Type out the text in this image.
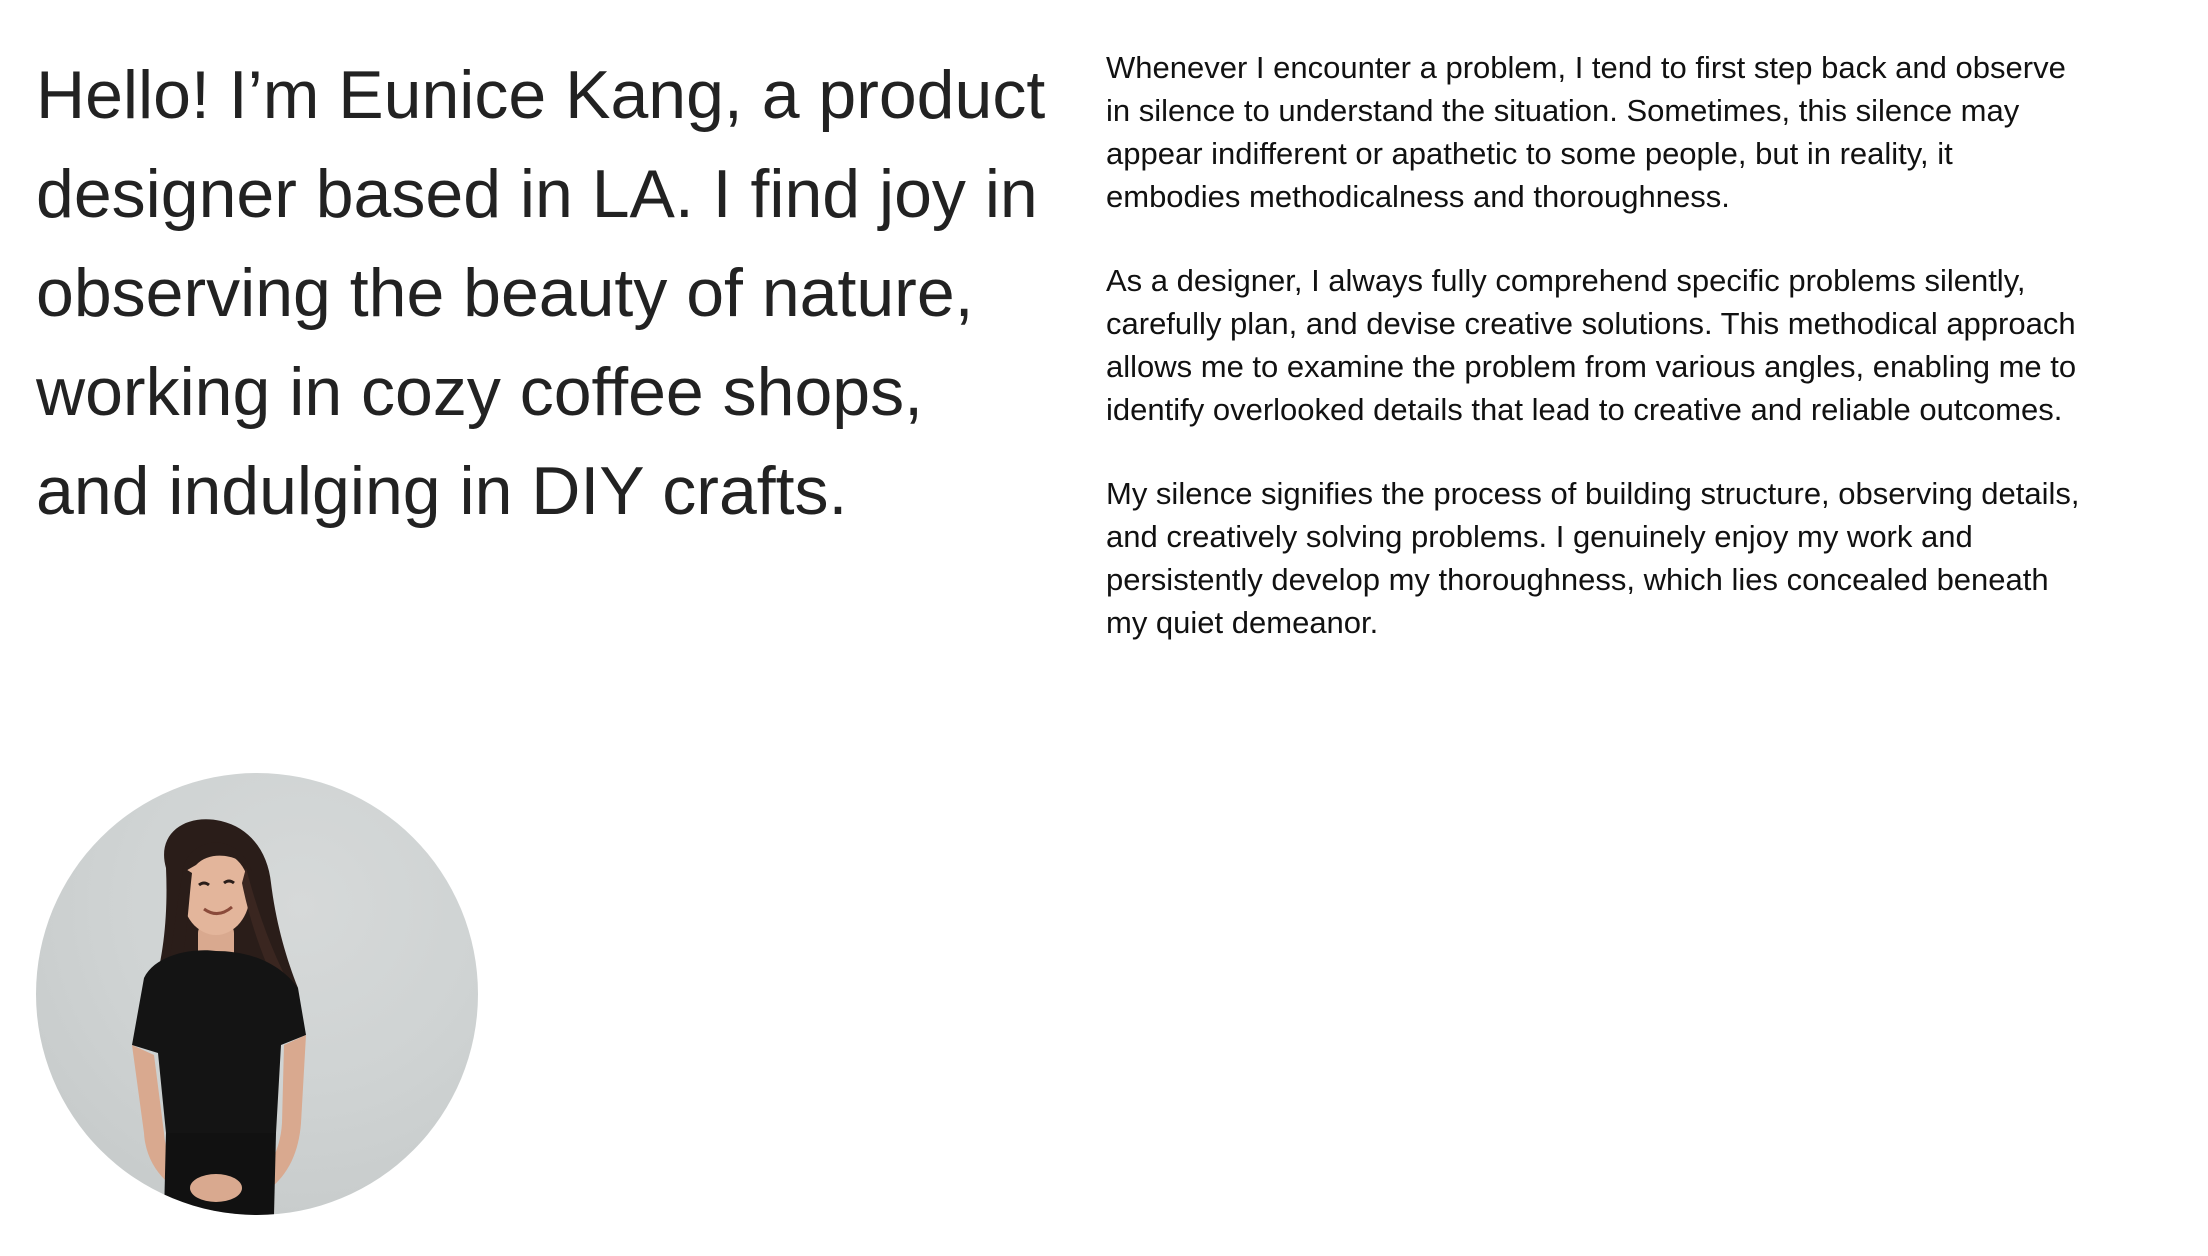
Hello! I’m Eunice Kang, a product designer based in LA. I find joy in observing the beauty of nature, working in cozy coffee shops, and indulging in DIY crafts.

Whenever I encounter a problem, I tend to first step back and observe in silence to understand the situation. Sometimes, this silence may appear indifferent or apathetic to some people, but in reality, it embodies methodicalness and thoroughness.

As a designer, I always fully comprehend specific problems silently, carefully plan, and devise creative solutions. This methodical approach allows me to examine the problem from various angles, enabling me to identify overlooked details that lead to creative and reliable outcomes.

My silence signifies the process of building structure, observing details, and creatively solving problems. I genuinely enjoy my work and persistently develop my thoroughness, which lies concealed beneath my quiet demeanor.
